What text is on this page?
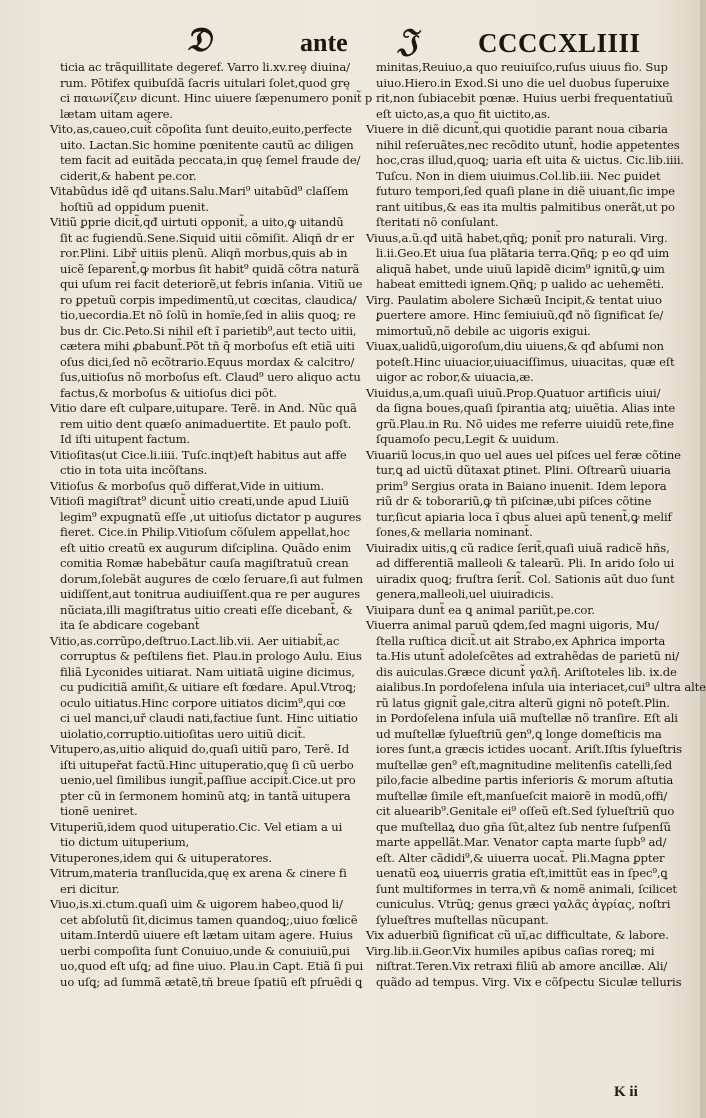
𝔇	ante 𝔍 CCCCXLIIII
ticia ac trãquillitate degeref. Varro li.xv.reȩ diuina/
rum. Põtifex quibuſdã ſacris uitulari ſolet,quod grę
ci παιωνίζειν dicunt. Hinc uiuere ſæpenumero ponit̃ p
lætam uitam agere.
Vito,as,caueo,cuit̃ cõpoſita ſunt deuito,euito,perfecte
uito. Lactan.Sic homine pœnitente cautũ ac diligen
tem facit ad euitãda peccata,in quę ſemel fraude de/
ciderit,& habent pe.cor.
Vitabũdus idẽ qđ uitans.Salu.Mari⁹ uitabũd⁹ claſſem
hoſtiũ ad oppidum puenit.
Vitiũ ꝑprie dicit̃,qđ uirtuti opponit̃, a uito,ꝙ uitandũ
ſit ac fugiendũ.Sene.Siquid uitii cõmiſit. Aliqñ dr er
ror.Plini. Libř uitiis plenũ. Aliqñ morbus,quis ab in
uicẽ ſeparent̃,ꝙ morbus ſit habit⁹ quidã cõtra naturã
qui uſum rei facit deteriorẽ,ut febris inſania. Vitiũ ue
ro ꝑpetuũ corpis impedimentũ,ut cœcitas, claudica/
tio,uecordia.Et nõ ſolũ in homĩe,ſed in aliis quoꝗ; re
bus dr. Cic.Peto.Si nihil eſt ĩ parietib⁹,aut tecto uitii,
cætera mihi ꝓbabunt̃.Põt tñ q̃ morboſus eſt etiã uiti
oſus dici,ſed nõ ecõtrario.Equus mordax & calcitro/
ſus,uitioſus nõ morboſus eſt. Claud⁹ uero aliquo actu
factus,& morboſus & uitioſus dici põt.
Vitio dare eſt culpare,uitupare. Terẽ. in And. Nũc quã
rem uitio dent quæſo animaduertite. Et paulo poſt.
Id iſti uitupent factum.
Vitioſitas(ut Cice.li.iiii. Tuſc.inqt)eſt habitus aut affe
ctio in tota uita incõſtans.
Vitioſus & morboſus quõ differat,Vide in uitium.
Vitioſi magiſtrat⁹ dicunt̃ uitio creati,unde apud Liuiũ
legim⁹ expugnatũ eſſe ,ut uitioſus dictator p augures
fieret. Cice.in Philip.Vitioſum cõſulem appellat,hoc
eſt uitio creatũ ex augurum diſciplina. Quãdo enim
comitia Romæ habebãtur cauſa magiſtratuũ crean
dorum,ſolebãt augures de cœlo ſeruare,ſi aut fulmen
uidiſſent,aut tonitrua audiuiſſent.qua re per augures
nũciata,illi magiſtratus uitio creati eſſe dicebant̃, &
ita ſe abdicare cogebant̃
Vitio,as.corrũpo,deſtruo.Lact.lib.vii. Aer uitiabit̃,ac
corruptus & peſtilens fiet. Plau.in prologo Aulu. Eius
filiã Lyconides uitiarat. Nam uitiatã uigine dicimus,
cu pudicitiã amiſit,& uitiare eſt fœdare. Apul.Vtroꝗ;
oculo uitiatus.Hinc corpore uitiatos dicim⁹,qui cœ
ci uel manci,uř claudi nati,factiue ſunt. Hinc uitiatio
uiolatio,corruptio.uitioſitas uero uitiũ dicit̃.
Vitupero,as,uitio aliquid do,quaſi uitiũ paro, Terẽ. Id
iſti uitupeřat factũ.Hinc uituperatio,quę ſi cũ uerbo
uenio,uel ſimilibus iungit̃,paſſiue accipit̃.Cice.ut pro
pter cũ in ſermonem hominũ atꝗ; in tantã uitupera
tionẽ ueniret.
Vituperiũ,idem quod uituperatio.Cic. Vel etiam a ui
tio dictum uituperium,
Vituperones,idem qui & uituperatores.
Vitrum,materia tranſlucida,quę ex arena & cinere fi
eri dicitur.
Viuo,is.xi.ctum.quaſi uim & uigorem habeo,quod li/
cet abſolutũ ſit,dicimus tamen quandoꝗ;,uiuo fœlicẽ
uitam.Interdũ uiuere eſt lætam uitam agere. Huius
uerbi compoſita ſunt Conuiuo,unde & conuiuiũ,pui
uo,quod eſt uſꝗ; ad fine uiuo. Plau.in Capt. Etiã ſi pui
uo uſꝗ; ad ſummã ætatẽ,tñ breue ſpatiũ eſt pſruẽdi ꝗ
minitas,Reuiuo,a quo reuiuiſco,ruſus uiuus fio. Sup
uiuo.Hiero.in Exod.Si uno die uel duobus ſuperuixe
rit,non ſubiacebit pœnæ. Huius uerbi frequentatiuũ
eſt uicto,as,a quo fit uictito,as.
Viuere in diẽ dicunt̃,qui quotidie parant noua cibaria
nihil reſeruãtes,nec recõdito utunt̃, hodie appetentes
hoc,cras illud,quoꝗ; uaria eſt uita & uictus. Cic.lib.iiii.
Tuſcu. Non in diem uiuimus.Col.lib.iii. Nec ꝑuidet
futuro tempori,ſed quaſi plane in diẽ uiuant,ſic impe
rant uitibus,& eas ita multis palmitibus onerãt,ut po
ſteritati nõ conſulant.
Viuus,a.ũ.qđ uitã habet,qñꝗ; ponit̃ pro naturali. Virg.
li.ii.Geo.Et uiua ſua plãtaria terra.Qñꝗ; p eo qđ uim
aliquã habet, unde uiuũ lapidẽ dicim⁹ ignitũ,ꝙ uim
habeat emittedi ignem.Qñꝗ; p ualido ac uehemẽti.
Virg. Paulatim abolere Sichæũ Incipit,& tentat uiuo
ꝑuertere amore. Hinc ſemiuiuũ,qđ nõ ſignificat ſe/
mimortuũ,nõ debile ac uigoris exigui.
Viuax,ualidũ,uigoroſum,diu uiuens,& qđ abſumi non
poteſt.Hinc uiuacior,uiuaciſſimus, uiuacitas, quæ eſt
uigor ac robor,& uiuacia,æ.
Viuidus,a,um.quaſi uiuũ.Prop.Quatuor artificis uiui/
da ſigna boues,quaſi ſpirantia atꝗ; uiuẽtia. Alias inte
grũ.Plau.in Ru. Nõ uides me referre uiuidũ rete,fine
ſquamoſo pecu,Legit & uuidum.
Viuariũ locus,in quo uel aues uel piſces uel feræ cõtine
tur,ꝗ ad uictũ dũtaxat ꝑtinet. Plini. Oſtrearũ uiuaria
prim⁹ Sergius orata in Baiano inuenit. Idem lepora
riũ dr & toborariũ,ꝙ tñ piſcinæ,ubi piſces cõtine
tur,ſicut apiaria loca ĩ qbus aluei apũ tenent̃,ꝙ melif
ſones,& mellaria nominant̃.
Viuiradix uitis,ꝗ cũ radice ſerit̃,quaſi uiuã radicẽ hñs,
ad differentiã malleoli & talearũ. Pli. In arido ſolo ui
uiradix quoꝗ; fruſtra ſerit̃. Col. Sationis aũt duo ſunt
genera,malleoli,uel uiuiradicis.
Viuipara dunt̃ ea ꝗ animal pariũt,pe.cor.
Viuerra animal paruũ ꝗdem,ſed magni uigoris, Mu/
ſtella ruſtica dicit̃.ut ait Strabo,ex Aphrica importa
ta.His utunt̃ adoleſcẽtes ad extrahẽdas de parietũ ni/
dis auiculas.Græce dicunt̃ γαλῆ. Ariſtoteles lib. ix.de
aialibus.In pordoſelena inſula uia interiacet,cui⁹ ultra alte
rũ latus gignit̃ gale,citra alterũ gigni nõ poteſt.Plin.
in Pordoſelena inſula uiã muſtellæ nõ tranſire. Eſt ali
ud muſtellæ ſylueſtriũ gen⁹,ꝗ longe domeſticis ma
iores ſunt,a græcis ictides uocant̃. Ariſt.Iſtis ſylueſtris
muſtellæ gen⁹ eſt,magnitudine melitenſis catelli,ſed
pilo,facie albedine partis inferioris & morum aſtutia
muſtellæ ſimile eſt,manſueſcit maiorẽ in modũ,offi/
cit aluearib⁹.Genitale ei⁹ oſſeũ eſt.Sed ſylueſtriũ quo
que muſtellaꝝ duo gña ſũt,altez ſub nentre ſuſpenſũ
marte appellãt.Mar. Venator capta marte ſupb⁹ ad/
eſt. Alter cãdidi⁹,& uiuerra uocat̃. Pli.Magna ꝑpter
uenatũ eoꝝ uiuerris gratia eſt,imittũt eas in ſpec⁹,ꝗ
ſunt multiformes in terra,vñ & nomẽ animali, ſcilicet
cuniculus. Vtrũꝗ; genus græci γαλᾶς ἀγρίας, noſtri
ſylueſtres muſtellas nũcupant.
Vix aduerbiũ ſignificat cũ uĩ,ac difficultate, & labore.
Virg.lib.ii.Geor.Vix humiles apibus caſias roreꝗ; mi
niſtrat.Teren.Vix retraxi filiũ ab amore ancillæ. Ali/
quãdo ad tempus. Virg. Vix e cõſpectu Siculæ telluris
K ii
